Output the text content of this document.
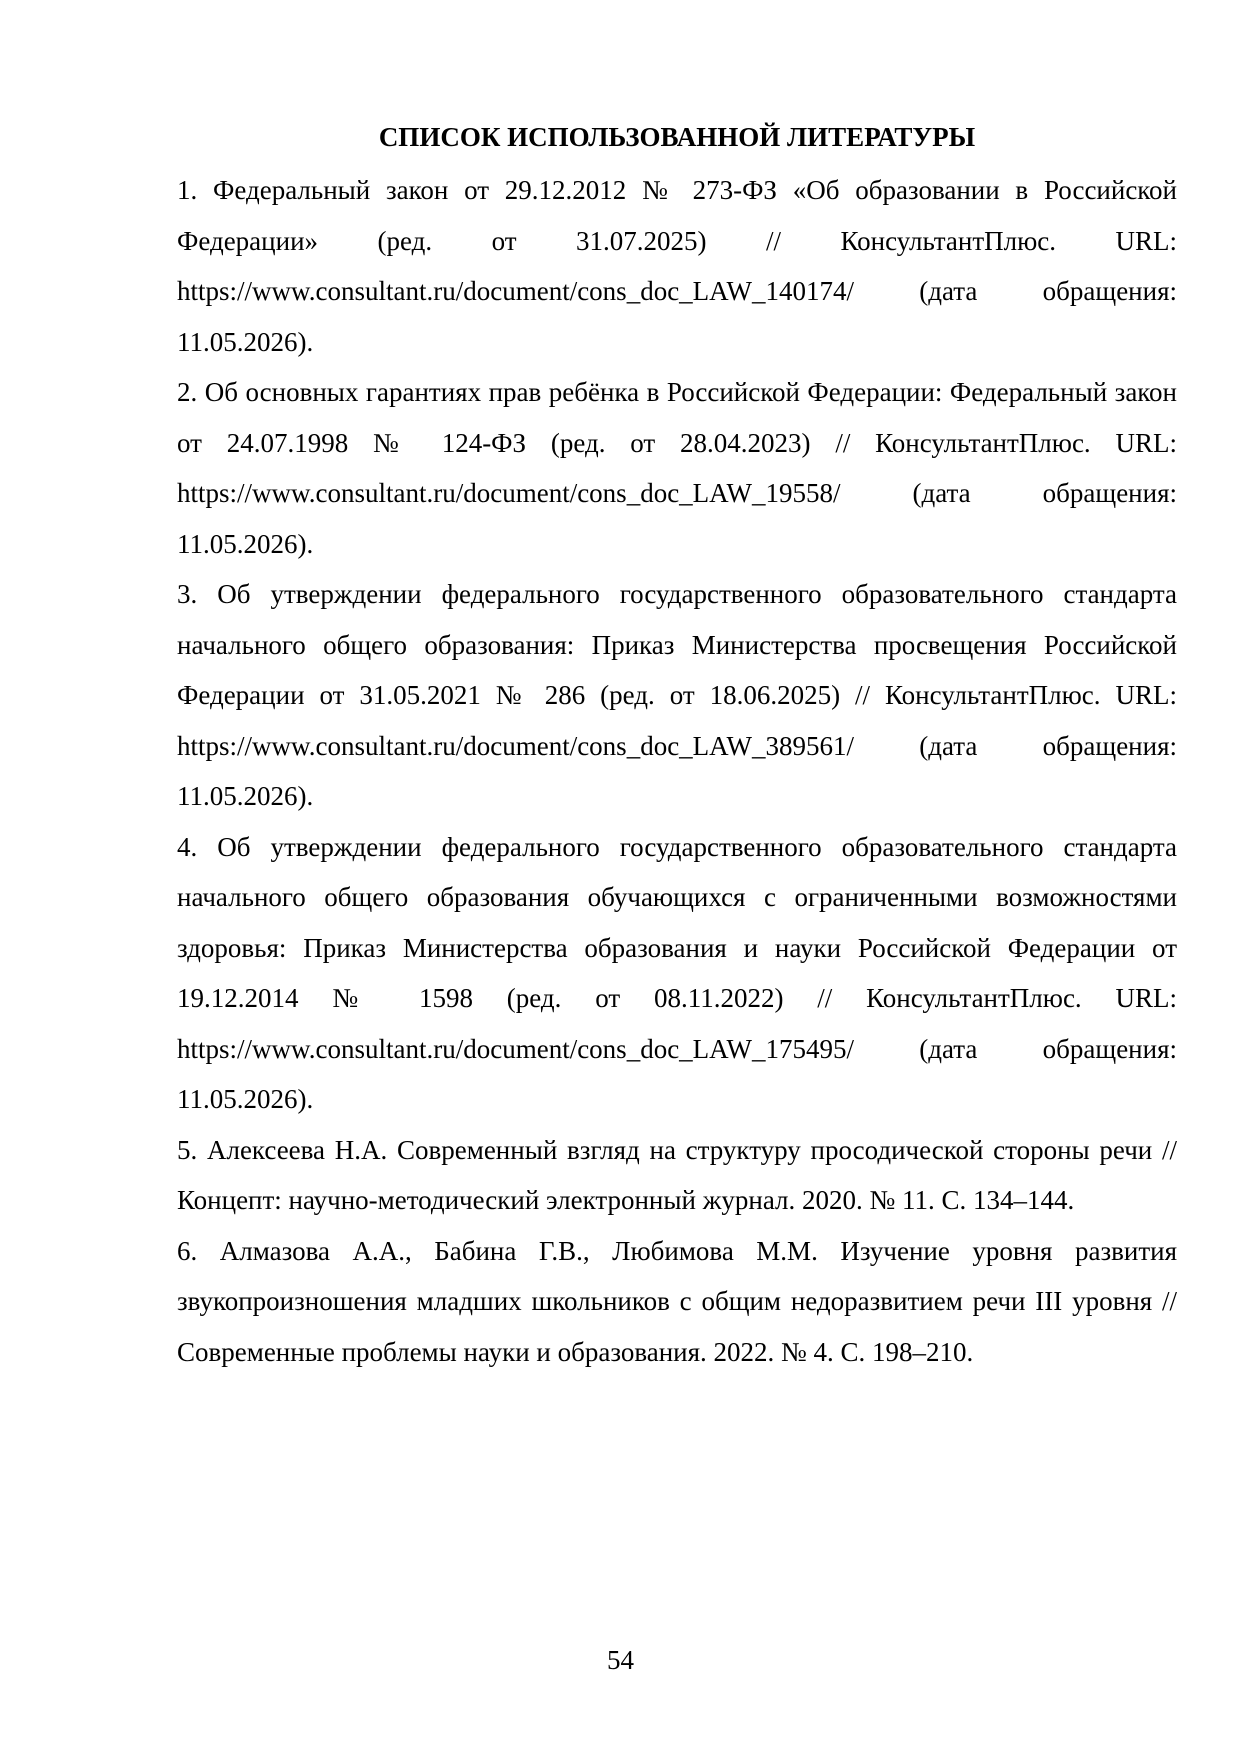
СПИСОК ИСПОЛЬЗОВАННОЙ ЛИТЕРАТУРЫ

1. Федеральный закон от 29.12.2012 № 273-ФЗ «Об образовании в Российской Федерации» (ред. от 31.07.2025) // КонсультантПлюс. URL: https://www.consultant.ru/document/cons_doc_LAW_140174/ (дата обращения: 11.05.2026).

2. Об основных гарантиях прав ребёнка в Российской Федерации: Федеральный закон от 24.07.1998 № 124-ФЗ (ред. от 28.04.2023) // КонсультантПлюс. URL: https://www.consultant.ru/document/cons_doc_LAW_19558/ (дата обращения: 11.05.2026).

3. Об утверждении федерального государственного образовательного стандарта начального общего образования: Приказ Министерства просвещения Российской Федерации от 31.05.2021 № 286 (ред. от 18.06.2025) // КонсультантПлюс. URL: https://www.consultant.ru/document/cons_doc_LAW_389561/ (дата обращения: 11.05.2026).

4. Об утверждении федерального государственного образовательного стандарта начального общего образования обучающихся с ограниченными возможностями здоровья: Приказ Министерства образования и науки Российской Федерации от 19.12.2014 № 1598 (ред. от 08.11.2022) // КонсультантПлюс. URL: https://www.consultant.ru/document/cons_doc_LAW_175495/ (дата обращения: 11.05.2026).

5. Алексеева Н.А. Современный взгляд на структуру просодической стороны речи // Концепт: научно-методический электронный журнал. 2020. № 11. С. 134–144.

6. Алмазова А.А., Бабина Г.В., Любимова М.М. Изучение уровня развития звукопроизношения младших школьников с общим недоразвитием речи III уровня // Современные проблемы науки и образования. 2022. № 4. С. 198–210.

54
